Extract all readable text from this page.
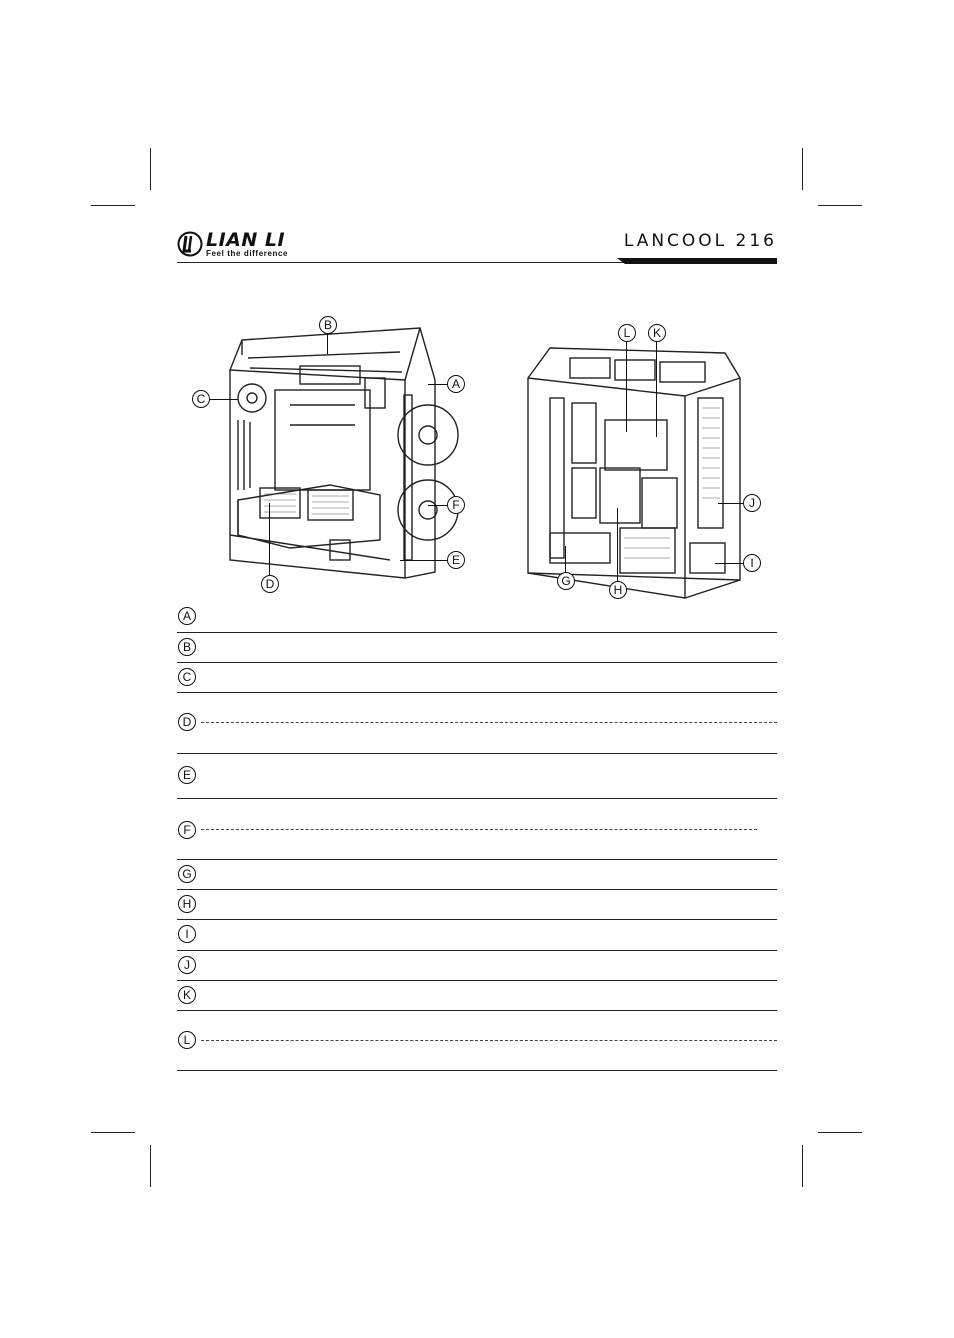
LIAN LI
Feel the difference
LANCOOL 216
B
A
C
F
E
D
L	K
J
I
G
H
A
B
C
D
E
F
G
H
I
J
K
L
